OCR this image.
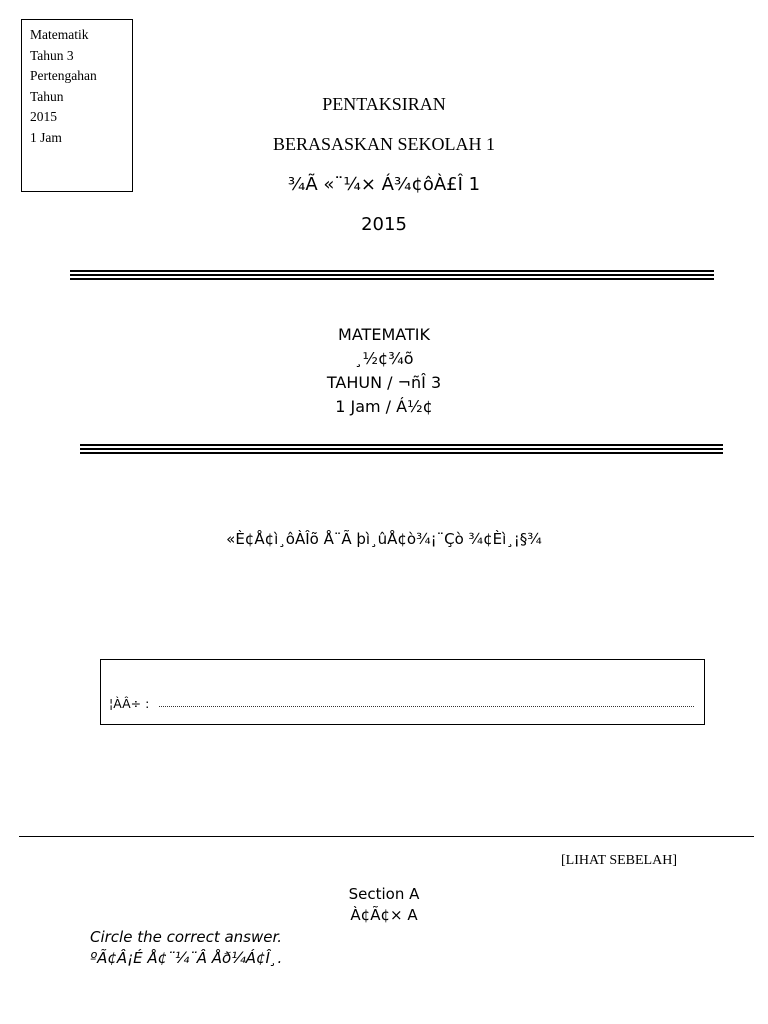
Matematik
Tahun 3
Pertengahan
Tahun
2015
1 Jam
PENTAKSIRAN
BERASASKAN SEKOLAH 1
¾Ã «¨¼× Á¾¢ôÀ£Î 1
2015
MATEMATIK
¸½¢¾õ
TAHUN / ¬ñÎ 3
1 Jam / Á½¢
«È¢Å¢ì¸ôÀÎõ Å¨Ã þì¸ûÅ¢ò¾¡¨Çò ¾¢Èì¸¡§¾
¦ÀÂ÷ :
[LIHAT SEBELAH]
Section A
À¢Ã¢× A
Circle the correct answer.
ºÃ¢Â¡É Å¢¨¼¨Â Åð¼Á¢Î¸.
